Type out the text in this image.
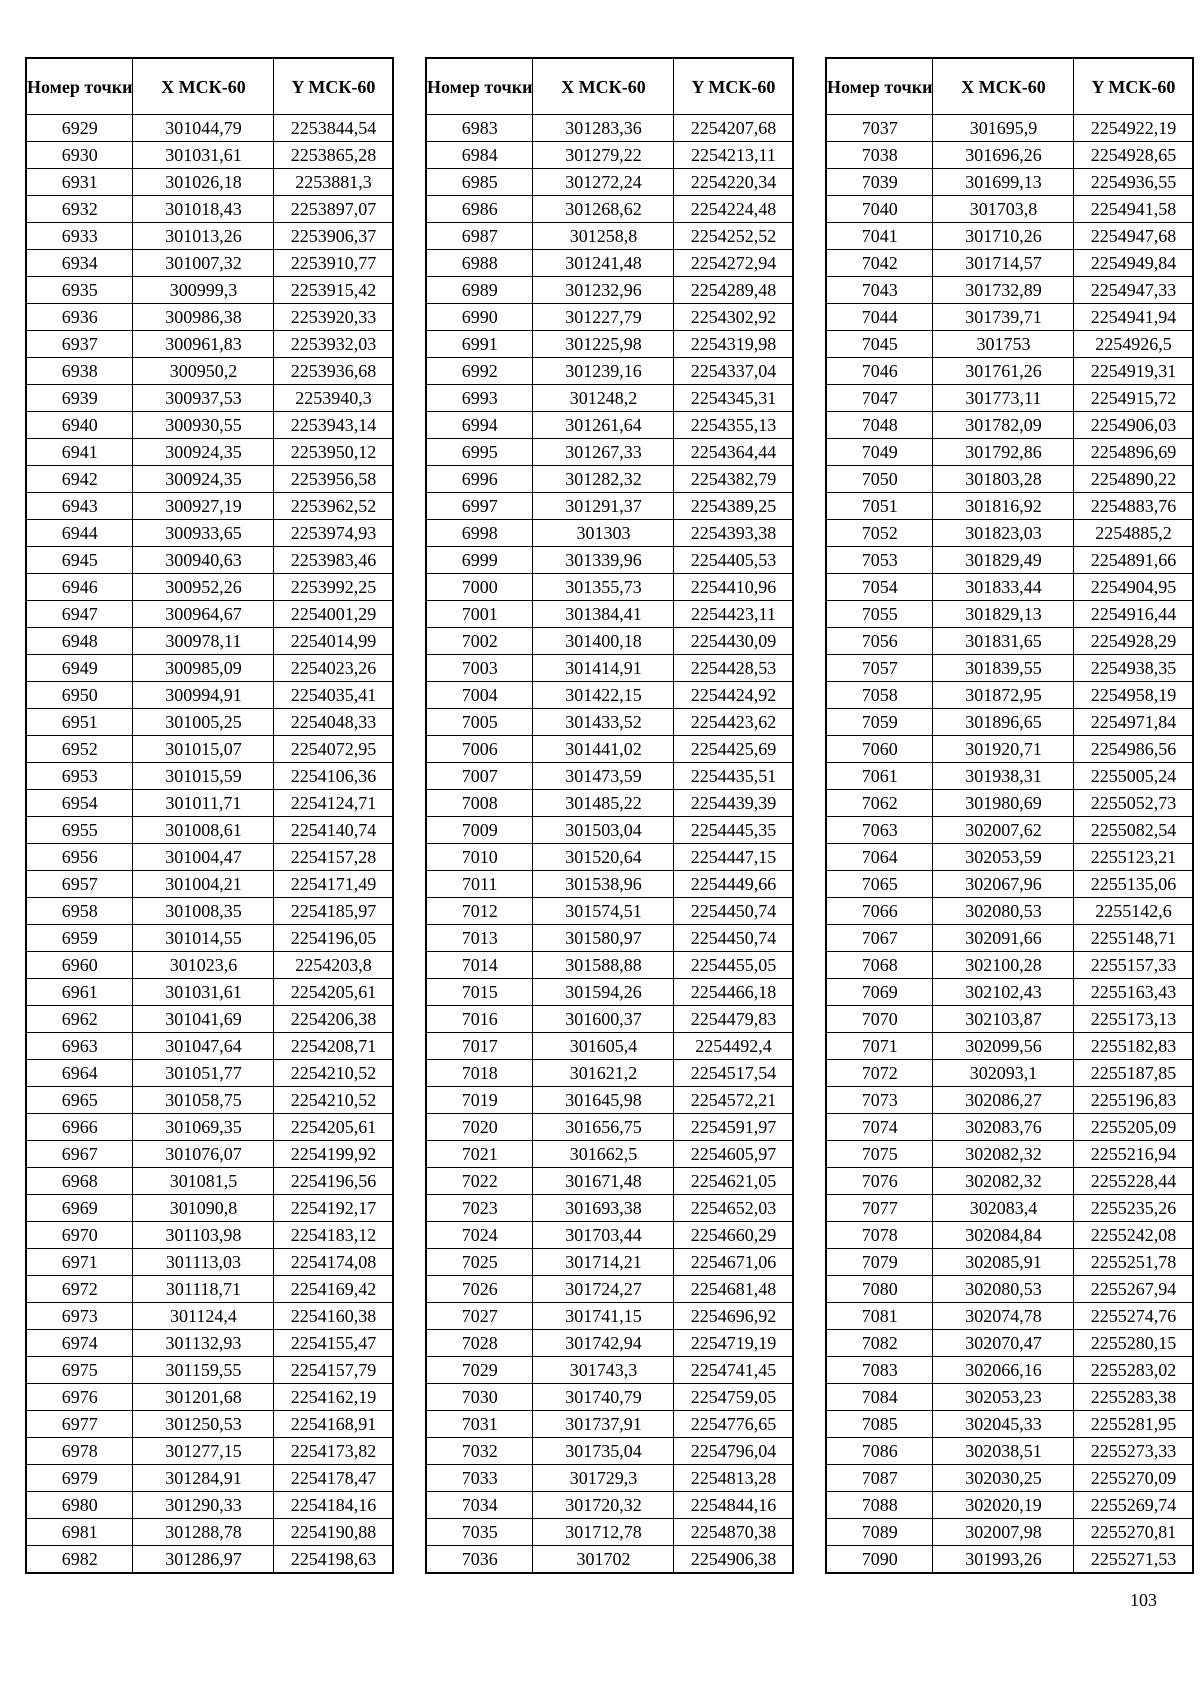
Номер точки	X МСК-60	Y МСК-60
6929	301044,79	2253844,54
6930	301031,61	2253865,28
6931	301026,18	2253881,3
6932	301018,43	2253897,07
6933	301013,26	2253906,37
6934	301007,32	2253910,77
6935	300999,3	2253915,42
6936	300986,38	2253920,33
6937	300961,83	2253932,03
6938	300950,2	2253936,68
6939	300937,53	2253940,3
6940	300930,55	2253943,14
6941	300924,35	2253950,12
6942	300924,35	2253956,58
6943	300927,19	2253962,52
6944	300933,65	2253974,93
6945	300940,63	2253983,46
6946	300952,26	2253992,25
6947	300964,67	2254001,29
6948	300978,11	2254014,99
6949	300985,09	2254023,26
6950	300994,91	2254035,41
6951	301005,25	2254048,33
6952	301015,07	2254072,95
6953	301015,59	2254106,36
6954	301011,71	2254124,71
6955	301008,61	2254140,74
6956	301004,47	2254157,28
6957	301004,21	2254171,49
6958	301008,35	2254185,97
6959	301014,55	2254196,05
6960	301023,6	2254203,8
6961	301031,61	2254205,61
6962	301041,69	2254206,38
6963	301047,64	2254208,71
6964	301051,77	2254210,52
6965	301058,75	2254210,52
6966	301069,35	2254205,61
6967	301076,07	2254199,92
6968	301081,5	2254196,56
6969	301090,8	2254192,17
6970	301103,98	2254183,12
6971	301113,03	2254174,08
6972	301118,71	2254169,42
6973	301124,4	2254160,38
6974	301132,93	2254155,47
6975	301159,55	2254157,79
6976	301201,68	2254162,19
6977	301250,53	2254168,91
6978	301277,15	2254173,82
6979	301284,91	2254178,47
6980	301290,33	2254184,16
6981	301288,78	2254190,88
6982	301286,97	2254198,63
Номер точки	X МСК-60	Y МСК-60
6983	301283,36	2254207,68
6984	301279,22	2254213,11
6985	301272,24	2254220,34
6986	301268,62	2254224,48
6987	301258,8	2254252,52
6988	301241,48	2254272,94
6989	301232,96	2254289,48
6990	301227,79	2254302,92
6991	301225,98	2254319,98
6992	301239,16	2254337,04
6993	301248,2	2254345,31
6994	301261,64	2254355,13
6995	301267,33	2254364,44
6996	301282,32	2254382,79
6997	301291,37	2254389,25
6998	301303	2254393,38
6999	301339,96	2254405,53
7000	301355,73	2254410,96
7001	301384,41	2254423,11
7002	301400,18	2254430,09
7003	301414,91	2254428,53
7004	301422,15	2254424,92
7005	301433,52	2254423,62
7006	301441,02	2254425,69
7007	301473,59	2254435,51
7008	301485,22	2254439,39
7009	301503,04	2254445,35
7010	301520,64	2254447,15
7011	301538,96	2254449,66
7012	301574,51	2254450,74
7013	301580,97	2254450,74
7014	301588,88	2254455,05
7015	301594,26	2254466,18
7016	301600,37	2254479,83
7017	301605,4	2254492,4
7018	301621,2	2254517,54
7019	301645,98	2254572,21
7020	301656,75	2254591,97
7021	301662,5	2254605,97
7022	301671,48	2254621,05
7023	301693,38	2254652,03
7024	301703,44	2254660,29
7025	301714,21	2254671,06
7026	301724,27	2254681,48
7027	301741,15	2254696,92
7028	301742,94	2254719,19
7029	301743,3	2254741,45
7030	301740,79	2254759,05
7031	301737,91	2254776,65
7032	301735,04	2254796,04
7033	301729,3	2254813,28
7034	301720,32	2254844,16
7035	301712,78	2254870,38
7036	301702	2254906,38
Номер точки	X МСК-60	Y МСК-60
7037	301695,9	2254922,19
7038	301696,26	2254928,65
7039	301699,13	2254936,55
7040	301703,8	2254941,58
7041	301710,26	2254947,68
7042	301714,57	2254949,84
7043	301732,89	2254947,33
7044	301739,71	2254941,94
7045	301753	2254926,5
7046	301761,26	2254919,31
7047	301773,11	2254915,72
7048	301782,09	2254906,03
7049	301792,86	2254896,69
7050	301803,28	2254890,22
7051	301816,92	2254883,76
7052	301823,03	2254885,2
7053	301829,49	2254891,66
7054	301833,44	2254904,95
7055	301829,13	2254916,44
7056	301831,65	2254928,29
7057	301839,55	2254938,35
7058	301872,95	2254958,19
7059	301896,65	2254971,84
7060	301920,71	2254986,56
7061	301938,31	2255005,24
7062	301980,69	2255052,73
7063	302007,62	2255082,54
7064	302053,59	2255123,21
7065	302067,96	2255135,06
7066	302080,53	2255142,6
7067	302091,66	2255148,71
7068	302100,28	2255157,33
7069	302102,43	2255163,43
7070	302103,87	2255173,13
7071	302099,56	2255182,83
7072	302093,1	2255187,85
7073	302086,27	2255196,83
7074	302083,76	2255205,09
7075	302082,32	2255216,94
7076	302082,32	2255228,44
7077	302083,4	2255235,26
7078	302084,84	2255242,08
7079	302085,91	2255251,78
7080	302080,53	2255267,94
7081	302074,78	2255274,76
7082	302070,47	2255280,15
7083	302066,16	2255283,02
7084	302053,23	2255283,38
7085	302045,33	2255281,95
7086	302038,51	2255273,33
7087	302030,25	2255270,09
7088	302020,19	2255269,74
7089	302007,98	2255270,81
7090	301993,26	2255271,53
103
